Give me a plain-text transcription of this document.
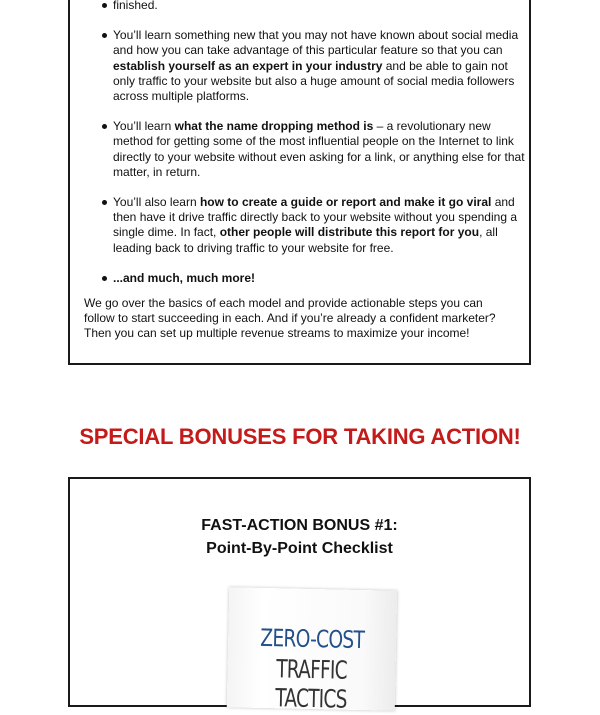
finished.
You’ll learn something new that you may not have known about social media and how you can take advantage of this particular feature so that you can establish yourself as an expert in your industry and be able to gain not only traffic to your website but also a huge amount of social media followers across multiple platforms.
You’ll learn what the name dropping method is – a revolutionary new method for getting some of the most influential people on the Internet to link directly to your website without even asking for a link, or anything else for that matter, in return.
You’ll also learn how to create a guide or report and make it go viral and then have it drive traffic directly back to your website without you spending a single dime. In fact, other people will distribute this report for you, all leading back to driving traffic to your website for free.
...and much, much more!

We go over the basics of each model and provide actionable steps you can follow to start succeeding in each. And if you’re already a confident marketer? Then you can set up multiple revenue streams to maximize your income!

SPECIAL BONUSES FOR TAKING ACTION!
FAST-ACTION BONUS #1:
Point-By-Point Checklist
ZERO-COST
TRAFFIC TACTICS
